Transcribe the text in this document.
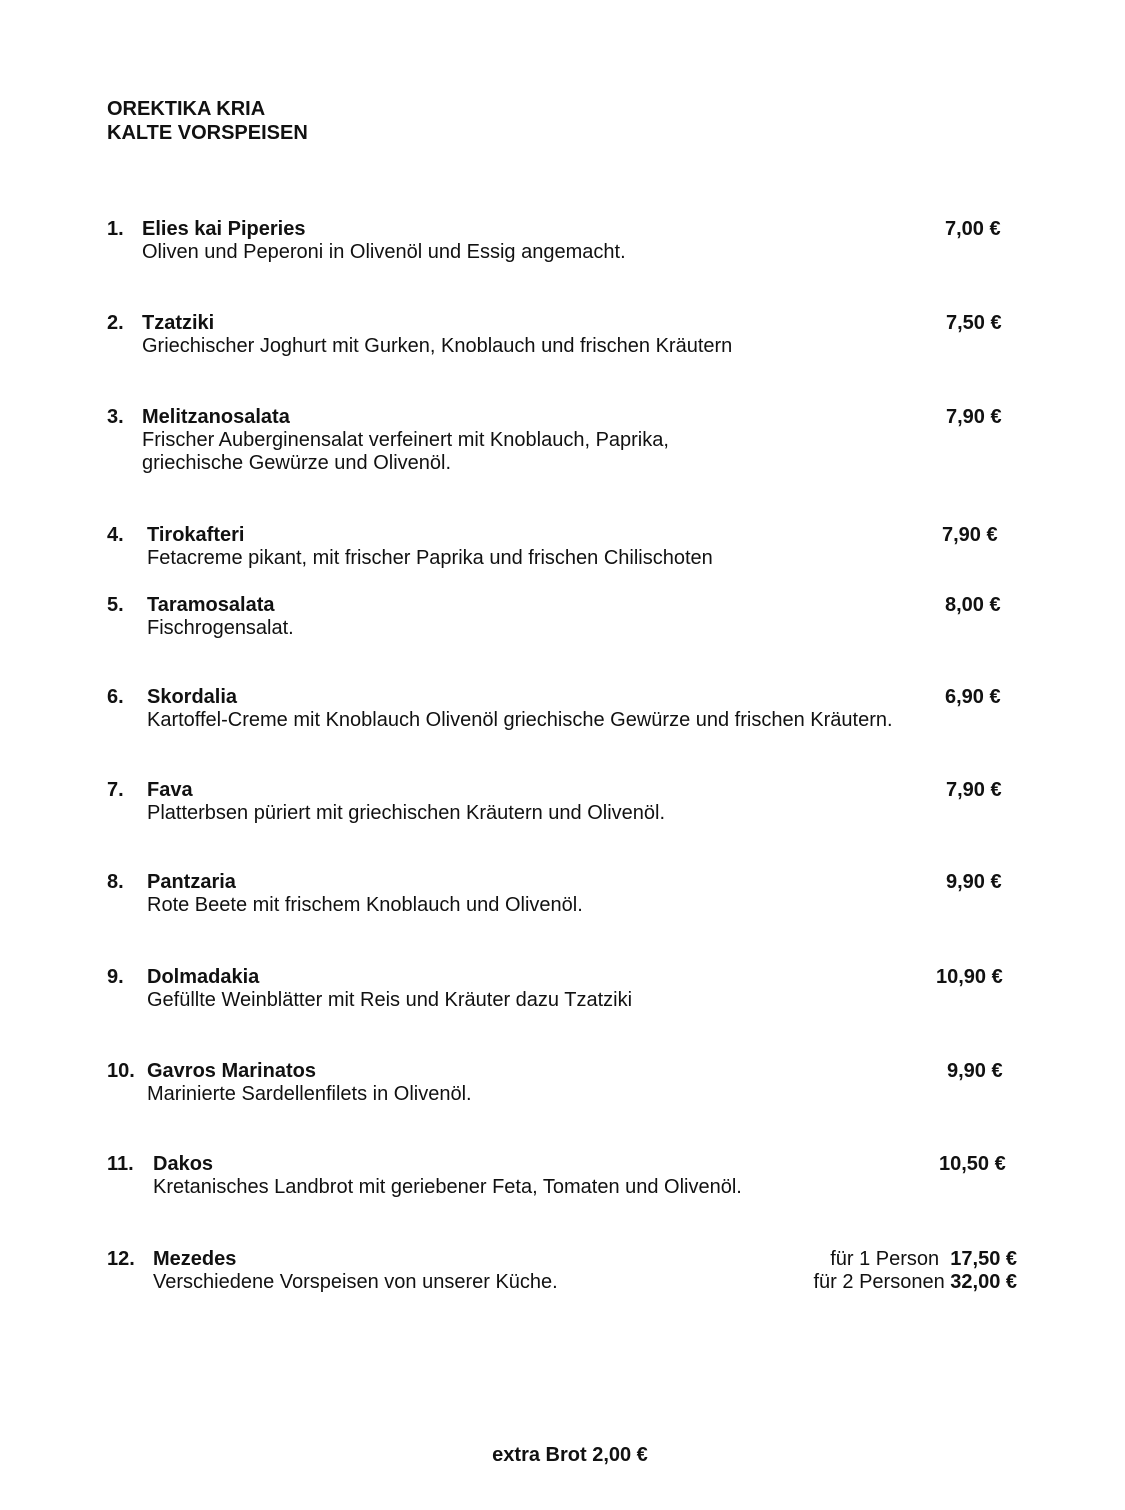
OREKTIKA KRIA
KALTE VORSPEISEN
1. Elies kai Piperies
Oliven und Peperoni in Olivenöl und Essig angemacht.
7,00 €
2. Tzatziki
Griechischer Joghurt mit Gurken, Knoblauch und frischen Kräutern
7,50 €
3. Melitzanosalata
Frischer Auberginensalat verfeinert mit Knoblauch, Paprika,
griechische Gewürze und Olivenöl.
7,90 €
4. Tirokafteri
Fetacreme pikant, mit frischer Paprika und frischen Chilischoten
7,90 €
5. Taramosalata
Fischrogensalat.
8,00 €
6. Skordalia
Kartoffel-Creme mit Knoblauch Olivenöl griechische Gewürze und frischen Kräutern.
6,90 €
7. Fava
Platterbsen püriert mit griechischen Kräutern und Olivenöl.
7,90 €
8. Pantzaria
Rote Beete mit frischem Knoblauch und Olivenöl.
9,90 €
9. Dolmadakia
Gefüllte Weinblätter mit Reis und Kräuter dazu Tzatziki
10,90 €
10. Gavros Marinatos
Marinierte Sardellenfilets in Olivenöl.
9,90 €
11. Dakos
Kretanisches Landbrot mit geriebener Feta, Tomaten und Olivenöl.
10,50 €
12. Mezedes
Verschiedene Vorspeisen von unserer Küche.
für 1 Person 17,50 €
für 2 Personen 32,00 €
extra Brot 2,00 €
